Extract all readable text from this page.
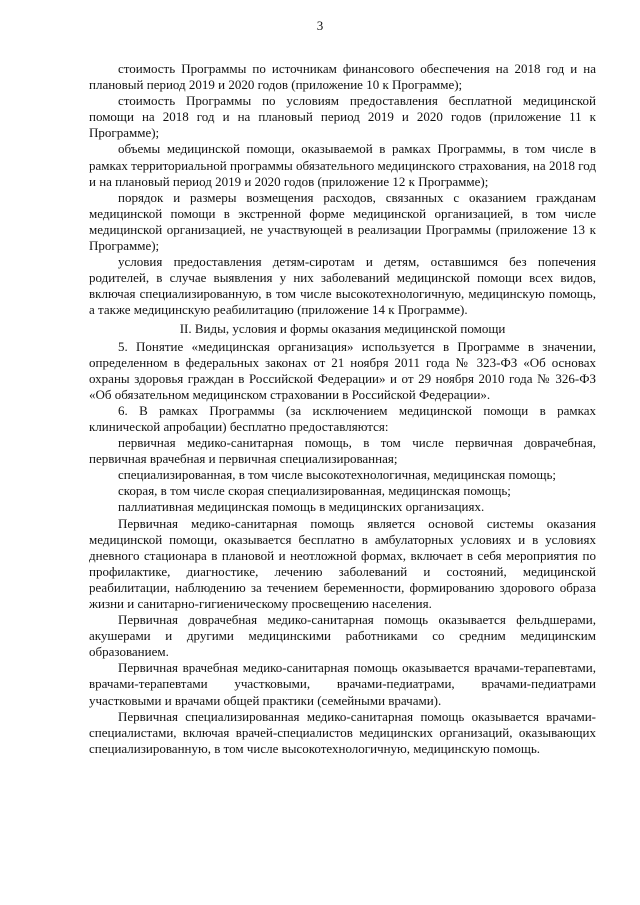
3

стоимость Программы по источникам финансового обеспечения на 2018 год и на плановый период 2019 и 2020 годов (приложение 10 к Программе);

стоимость Программы по условиям предоставления бесплатной медицинской помощи на 2018 год и на плановый период 2019 и 2020 годов (приложение 11 к Программе);

объемы медицинской помощи, оказываемой в рамках Программы, в том числе в рамках территориальной программы обязательного медицинского страхования, на 2018 год и на плановый период 2019 и 2020 годов (приложение 12 к Программе);

порядок и размеры возмещения расходов, связанных с оказанием гражданам медицинской помощи в экстренной форме медицинской организацией, в том числе медицинской организацией, не участвующей в реализации Программы (приложение 13 к Программе);

условия предоставления детям-сиротам и детям, оставшимся без попечения родителей, в случае выявления у них заболеваний медицинской помощи всех видов, включая специализированную, в том числе высокотехнологичную, медицинскую помощь, а также медицинскую реабилитацию (приложение 14 к Программе).

II. Виды, условия и формы оказания медицинской помощи

5. Понятие «медицинская организация» используется в Программе в значении, определенном в федеральных законах от 21 ноября 2011 года № 323-ФЗ «Об основах охраны здоровья граждан в Российской Федерации» и от 29 ноября 2010 года № 326-ФЗ «Об обязательном медицинском страховании в Российской Федерации».

6. В рамках Программы (за исключением медицинской помощи в рамках клинической апробации) бесплатно предоставляются:

первичная медико-санитарная помощь, в том числе первичная доврачебная, первичная врачебная и первичная специализированная;

специализированная, в том числе высокотехнологичная, медицинская помощь;

скорая, в том числе скорая специализированная, медицинская помощь;

паллиативная медицинская помощь в медицинских организациях.

Первичная медико-санитарная помощь является основой системы оказания медицинской помощи, оказывается бесплатно в амбулаторных условиях и в условиях дневного стационара в плановой и неотложной формах, включает в себя мероприятия по профилактике, диагностике, лечению заболеваний и состояний, медицинской реабилитации, наблюдению за течением беременности, формированию здорового образа жизни и санитарно-гигиеническому просвещению населения.

Первичная доврачебная медико-санитарная помощь оказывается фельдшерами, акушерами и другими медицинскими работниками со средним медицинским образованием.

Первичная врачебная медико-санитарная помощь оказывается врачами-терапевтами, врачами-терапевтами участковыми, врачами-педиатрами, врачами-педиатрами участковыми и врачами общей практики (семейными врачами).

Первичная специализированная медико-санитарная помощь оказывается врачами-специалистами, включая врачей-специалистов медицинских организаций, оказывающих специализированную, в том числе высокотехнологичную, медицинскую помощь.
